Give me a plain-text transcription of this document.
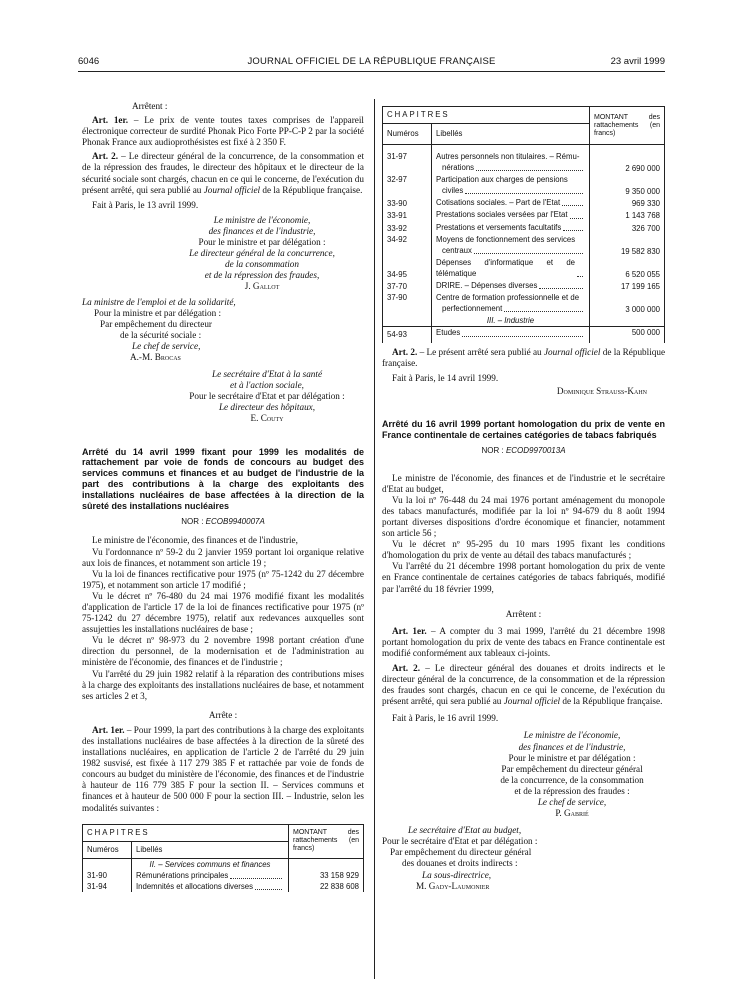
6046	JOURNAL OFFICIEL DE LA RÉPUBLIQUE FRANÇAISE	23 avril 1999

Arrêtent :

Art. 1er. – Le prix de vente toutes taxes comprises de l'appareil électronique correcteur de surdité Phonak Pico Forte PP-C-P 2 par la société Phonak France aux audioprothésistes est fixé à 2 350 F.

Art. 2. – Le directeur général de la concurrence, de la consommation et de la répression des fraudes, le directeur des hôpitaux et le directeur de la sécurité sociale sont chargés, chacun en ce qui le concerne, de l'exécution du présent arrêté, qui sera publié au Journal officiel de la République française.

Fait à Paris, le 13 avril 1999.

Le ministre de l'économie,

des finances et de l'industrie,

Pour le ministre et par délégation :

Le directeur général de la concurrence,

de la consommation

et de la répression des fraudes,

J. Gallot

La ministre de l'emploi et de la solidarité,

Pour la ministre et par délégation :

Par empêchement du directeur

de la sécurité sociale :

Le chef de service,

A.-M. Brocas

Le secrétaire d'Etat à la santé

et à l'action sociale,

Pour le secrétaire d'Etat et par délégation :

Le directeur des hôpitaux,

E. Couty

Arrêté du 14 avril 1999 fixant pour 1999 les modalités de rattachement par voie de fonds de concours au budget des services communs et finances et au budget de l'industrie de la part des contributions à la charge des exploitants des installations nucléaires de base affectées à la direction de la sûreté des installations nucléaires

NOR : ECOB9940007A

Le ministre de l'économie, des finances et de l'industrie,

Vu l'ordonnance nº 59-2 du 2 janvier 1959 portant loi organique relative aux lois de finances, et notamment son article 19 ;

Vu la loi de finances rectificative pour 1975 (nº 75-1242 du 27 décembre 1975), et notamment son article 17 modifié ;

Vu le décret nº 76-480 du 24 mai 1976 modifié fixant les modalités d'application de l'article 17 de la loi de finances rectificative pour 1975 (nº 75-1242 du 27 décembre 1975), relatif aux redevances auxquelles sont assujetties les installations nucléaires de base ;

Vu le décret nº 98-973 du 2 novembre 1998 portant création d'une direction du personnel, de la modernisation et de l'administration au ministère de l'économie, des finances et de l'industrie ;

Vu l'arrêté du 29 juin 1982 relatif à la réparation des contributions mises à la charge des exploitants des installations nucléaires de base, et notamment ses articles 2 et 3,

Arrête :

Art. 1er. – Pour 1999, la part des contributions à la charge des exploitants des installations nucléaires de base affectées à la direction de la sûreté des installations nucléaires, en application de l'article 2 de l'arrêté du 29 juin 1982 susvisé, est fixée à 117 279 385 F et rattachée par voie de fonds de concours au budget du ministère de l'économie, des finances et de l'industrie à hauteur de 116 779 385 F pour la section II. – Services communs et finances et à hauteur de 500 000 F pour la section III. – Industrie, selon les modalités suivantes :

CHAPITRES		MONTANT des rattachements (en francs)
Numéros	Libellés	
	II. – Services communs et finances	
31-90	Rémunérations principales	33 158 929
31-94	Indemnités et allocations diverses	22 838 608
CHAPITRES		MONTANT des rattachements (en francs)
Numéros	Libellés	
31-97	Autres personnels non titulaires. – Rému-
nérations	2 690 000
32-97	Participation aux charges de pensions
civiles	9 350 000
33-90	Cotisations sociales. – Part de l'Etat	969 330
33-91	Prestations sociales versées par l'Etat	1 143 768
33-92	Prestations et versements facultatifs	326 700
34-92	Moyens de fonctionnement des services
centraux	19 582 830
34-95	Dépenses d'informatique et de télématique	6 520 055
37-70	DRIRE. – Dépenses diverses	17 199 165
37-90	Centre de formation professionnelle et de
perfectionnement	3 000 000
	III. – Industrie	
54-93	Etudes	500 000

Art. 2. – Le présent arrêté sera publié au Journal officiel de la République française.

Fait à Paris, le 14 avril 1999.

Dominique Strauss-Kahn

Arrêté du 16 avril 1999 portant homologation du prix de vente en France continentale de certaines catégories de tabacs fabriqués

NOR : ECOD9970013A

Le ministre de l'économie, des finances et de l'industrie et le secrétaire d'Etat au budget,

Vu la loi nº 76-448 du 24 mai 1976 portant aménagement du monopole des tabacs manufacturés, modifiée par la loi nº 94-679 du 8 août 1994 portant diverses dispositions d'ordre économique et financier, notamment son article 56 ;

Vu le décret nº 95-295 du 10 mars 1995 fixant les conditions d'homologation du prix de vente au détail des tabacs manufacturés ;

Vu l'arrêté du 21 décembre 1998 portant homologation du prix de vente en France continentale de certaines catégories de tabacs fabriqués, modifié par l'arrêté du 18 février 1999,

Arrêtent :

Art. 1er. – A compter du 3 mai 1999, l'arrêté du 21 décembre 1998 portant homologation du prix de vente des tabacs en France continentale est modifié conformément aux tableaux ci-joints.

Art. 2. – Le directeur général des douanes et droits indirects et le directeur général de la concurrence, de la consommation et de la répression des fraudes sont chargés, chacun en ce qui le concerne, de l'exécution du présent arrêté, qui sera publié au Journal officiel de la République française.

Fait à Paris, le 16 avril 1999.

Le ministre de l'économie,

des finances et de l'industrie,

Pour le ministre et par délégation :

Par empêchement du directeur général

de la concurrence, de la consommation

et de la répression des fraudes :

Le chef de service,

P. Gabrié

Le secrétaire d'Etat au budget,

Pour le secrétaire d'Etat et par délégation :

Par empêchement du directeur général

des douanes et droits indirects :

La sous-directrice,

M. Gady-Laumonier
